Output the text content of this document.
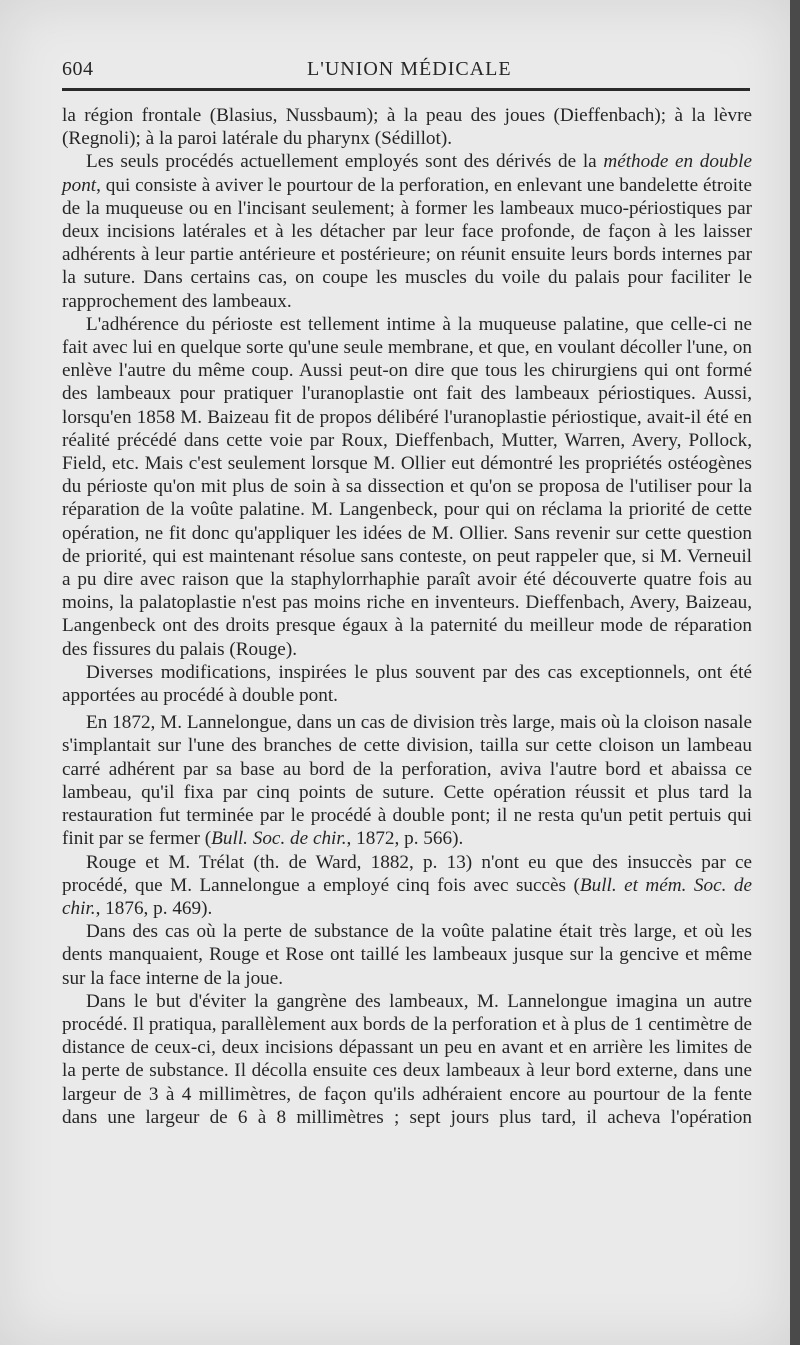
604	L'UNION MÉDICALE

la région frontale (Blasius, Nussbaum); à la peau des joues (Dieffenbach); à la lèvre (Regnoli); à la paroi latérale du pharynx (Sédillot).

Les seuls procédés actuellement employés sont des dérivés de la méthode en double pont, qui consiste à aviver le pourtour de la perforation, en enlevant une bandelette étroite de la muqueuse ou en l'incisant seulement; à former les lambeaux muco-périostiques par deux incisions latérales et à les détacher par leur face profonde, de façon à les laisser adhérents à leur partie antérieure et postérieure; on réunit ensuite leurs bords internes par la suture. Dans certains cas, on coupe les muscles du voile du palais pour faciliter le rapprochement des lambeaux.

L'adhérence du périoste est tellement intime à la muqueuse palatine, que celle-ci ne fait avec lui en quelque sorte qu'une seule membrane, et que, en voulant décoller l'une, on enlève l'autre du même coup. Aussi peut-on dire que tous les chirurgiens qui ont formé des lambeaux pour pratiquer l'uranoplastie ont fait des lambeaux périostiques. Aussi, lorsqu'en 1858 M. Baizeau fit de propos délibéré l'uranoplastie périostique, avait-il été en réalité précédé dans cette voie par Roux, Dieffenbach, Mutter, Warren, Avery, Pollock, Field, etc. Mais c'est seulement lorsque M. Ollier eut démontré les propriétés ostéogènes du périoste qu'on mit plus de soin à sa dissection et qu'on se proposa de l'utiliser pour la réparation de la voûte palatine. M. Langenbeck, pour qui on réclama la priorité de cette opération, ne fit donc qu'appliquer les idées de M. Ollier. Sans revenir sur cette question de priorité, qui est maintenant résolue sans conteste, on peut rappeler que, si M. Verneuil a pu dire avec raison que la staphylorrhaphie paraît avoir été découverte quatre fois au moins, la palatoplastie n'est pas moins riche en inventeurs. Dieffenbach, Avery, Baizeau, Langenbeck ont des droits presque égaux à la paternité du meilleur mode de réparation des fissures du palais (Rouge).

Diverses modifications, inspirées le plus souvent par des cas exceptionnels, ont été apportées au procédé à double pont.

En 1872, M. Lannelongue, dans un cas de division très large, mais où la cloison nasale s'implantait sur l'une des branches de cette division, tailla sur cette cloison un lambeau carré adhérent par sa base au bord de la perforation, aviva l'autre bord et abaissa ce lambeau, qu'il fixa par cinq points de suture. Cette opération réussit et plus tard la restauration fut terminée par le procédé à double pont; il ne resta qu'un petit pertuis qui finit par se fermer (Bull. Soc. de chir., 1872, p. 566).

Rouge et M. Trélat (th. de Ward, 1882, p. 13) n'ont eu que des insuccès par ce procédé, que M. Lannelongue a employé cinq fois avec succès (Bull. et mém. Soc. de chir., 1876, p. 469).

Dans des cas où la perte de substance de la voûte palatine était très large, et où les dents manquaient, Rouge et Rose ont taillé les lambeaux jusque sur la gencive et même sur la face interne de la joue.

Dans le but d'éviter la gangrène des lambeaux, M. Lannelongue imagina un autre procédé. Il pratiqua, parallèlement aux bords de la perforation et à plus de 1 centimètre de distance de ceux-ci, deux incisions dépassant un peu en avant et en arrière les limites de la perte de substance. Il décolla ensuite ces deux lambeaux à leur bord externe, dans une largeur de 3 à 4 millimètres, de façon qu'ils adhéraient encore au pourtour de la fente dans une largeur de 6 à 8 millimètres ; sept jours plus tard, il acheva l'opération
